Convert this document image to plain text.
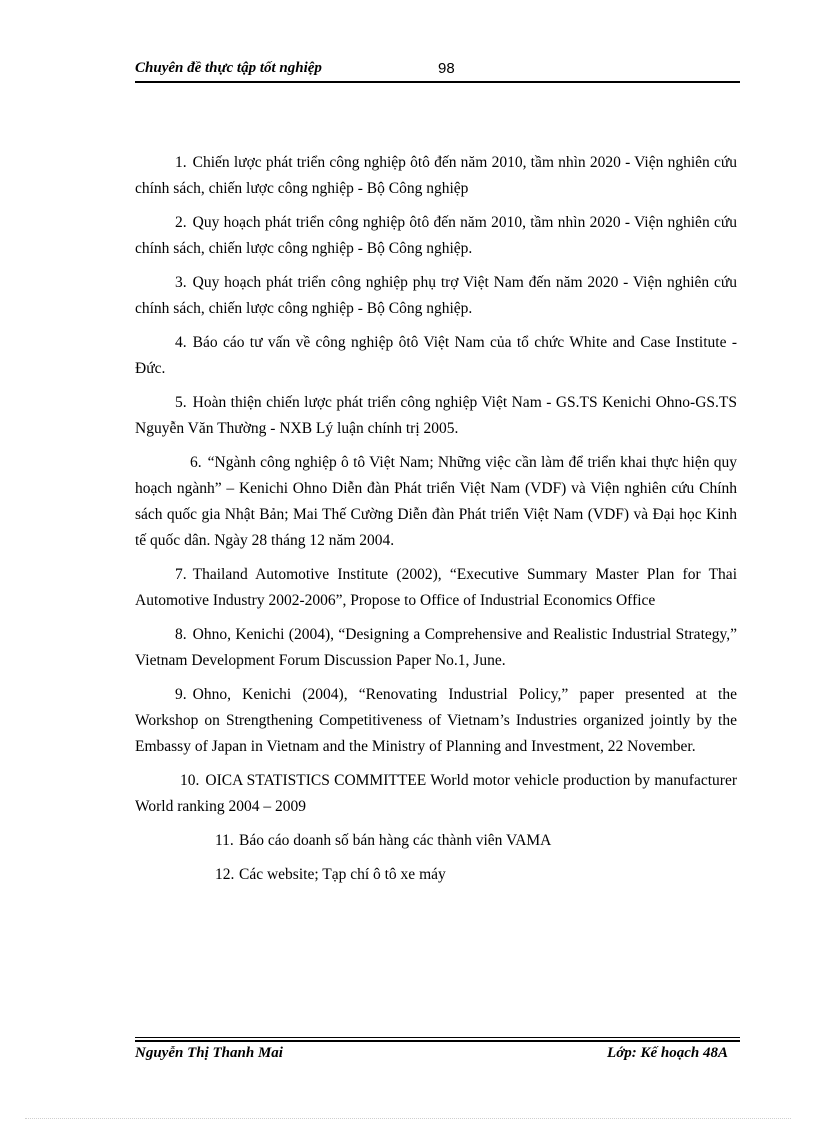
Chuyên đề thực tập tốt nghiệp	98

1. Chiến lược phát triển công nghiệp ôtô đến năm 2010, tầm nhìn 2020 - Viện nghiên cứu chính sách, chiến lược công nghiệp - Bộ Công nghiệp

2. Quy hoạch phát triển công nghiệp ôtô đến năm 2010, tầm nhìn 2020 - Viện nghiên cứu chính sách, chiến lược công nghiệp - Bộ Công nghiệp.

3. Quy hoạch phát triển công nghiệp phụ trợ Việt Nam đến năm 2020 - Viện nghiên cứu chính sách, chiến lược công nghiệp - Bộ Công nghiệp.

4. Báo cáo tư vấn về công nghiệp ôtô Việt Nam của tổ chức White and Case Institute - Đức.

5. Hoàn thiện chiến lược phát triển công nghiệp Việt Nam - GS.TS Kenichi Ohno-GS.TS Nguyễn Văn Thường - NXB Lý luận chính trị 2005.

6. “Ngành công nghiệp ô tô Việt Nam; Những việc cần làm để triển khai thực hiện quy hoạch ngành” – Kenichi Ohno Diễn đàn Phát triển Việt Nam (VDF) và Viện nghiên cứu Chính sách quốc gia Nhật Bản; Mai Thế Cường Diễn đàn Phát triển Việt Nam (VDF) và Đại học Kinh tế quốc dân. Ngày 28 tháng 12 năm 2004.

7. Thailand Automotive Institute (2002), “Executive Summary Master Plan for Thai Automotive Industry 2002-2006”, Propose to Office of Industrial Economics Office

8. Ohno, Kenichi (2004), “Designing a Comprehensive and Realistic Industrial Strategy,” Vietnam Development Forum Discussion Paper No.1, June.

9. Ohno, Kenichi (2004), “Renovating Industrial Policy,” paper presented at the Workshop on Strengthening Competitiveness of Vietnam’s Industries organized jointly by the Embassy of Japan in Vietnam and the Ministry of Planning and Investment, 22 November.

10. OICA STATISTICS COMMITTEE World motor vehicle production by manufacturer World ranking 2004 – 2009

11. Báo cáo doanh số bán hàng các thành viên VAMA

12. Các website; Tạp chí ô tô xe máy

Nguyễn Thị Thanh Mai	Lớp: Kế hoạch 48A
